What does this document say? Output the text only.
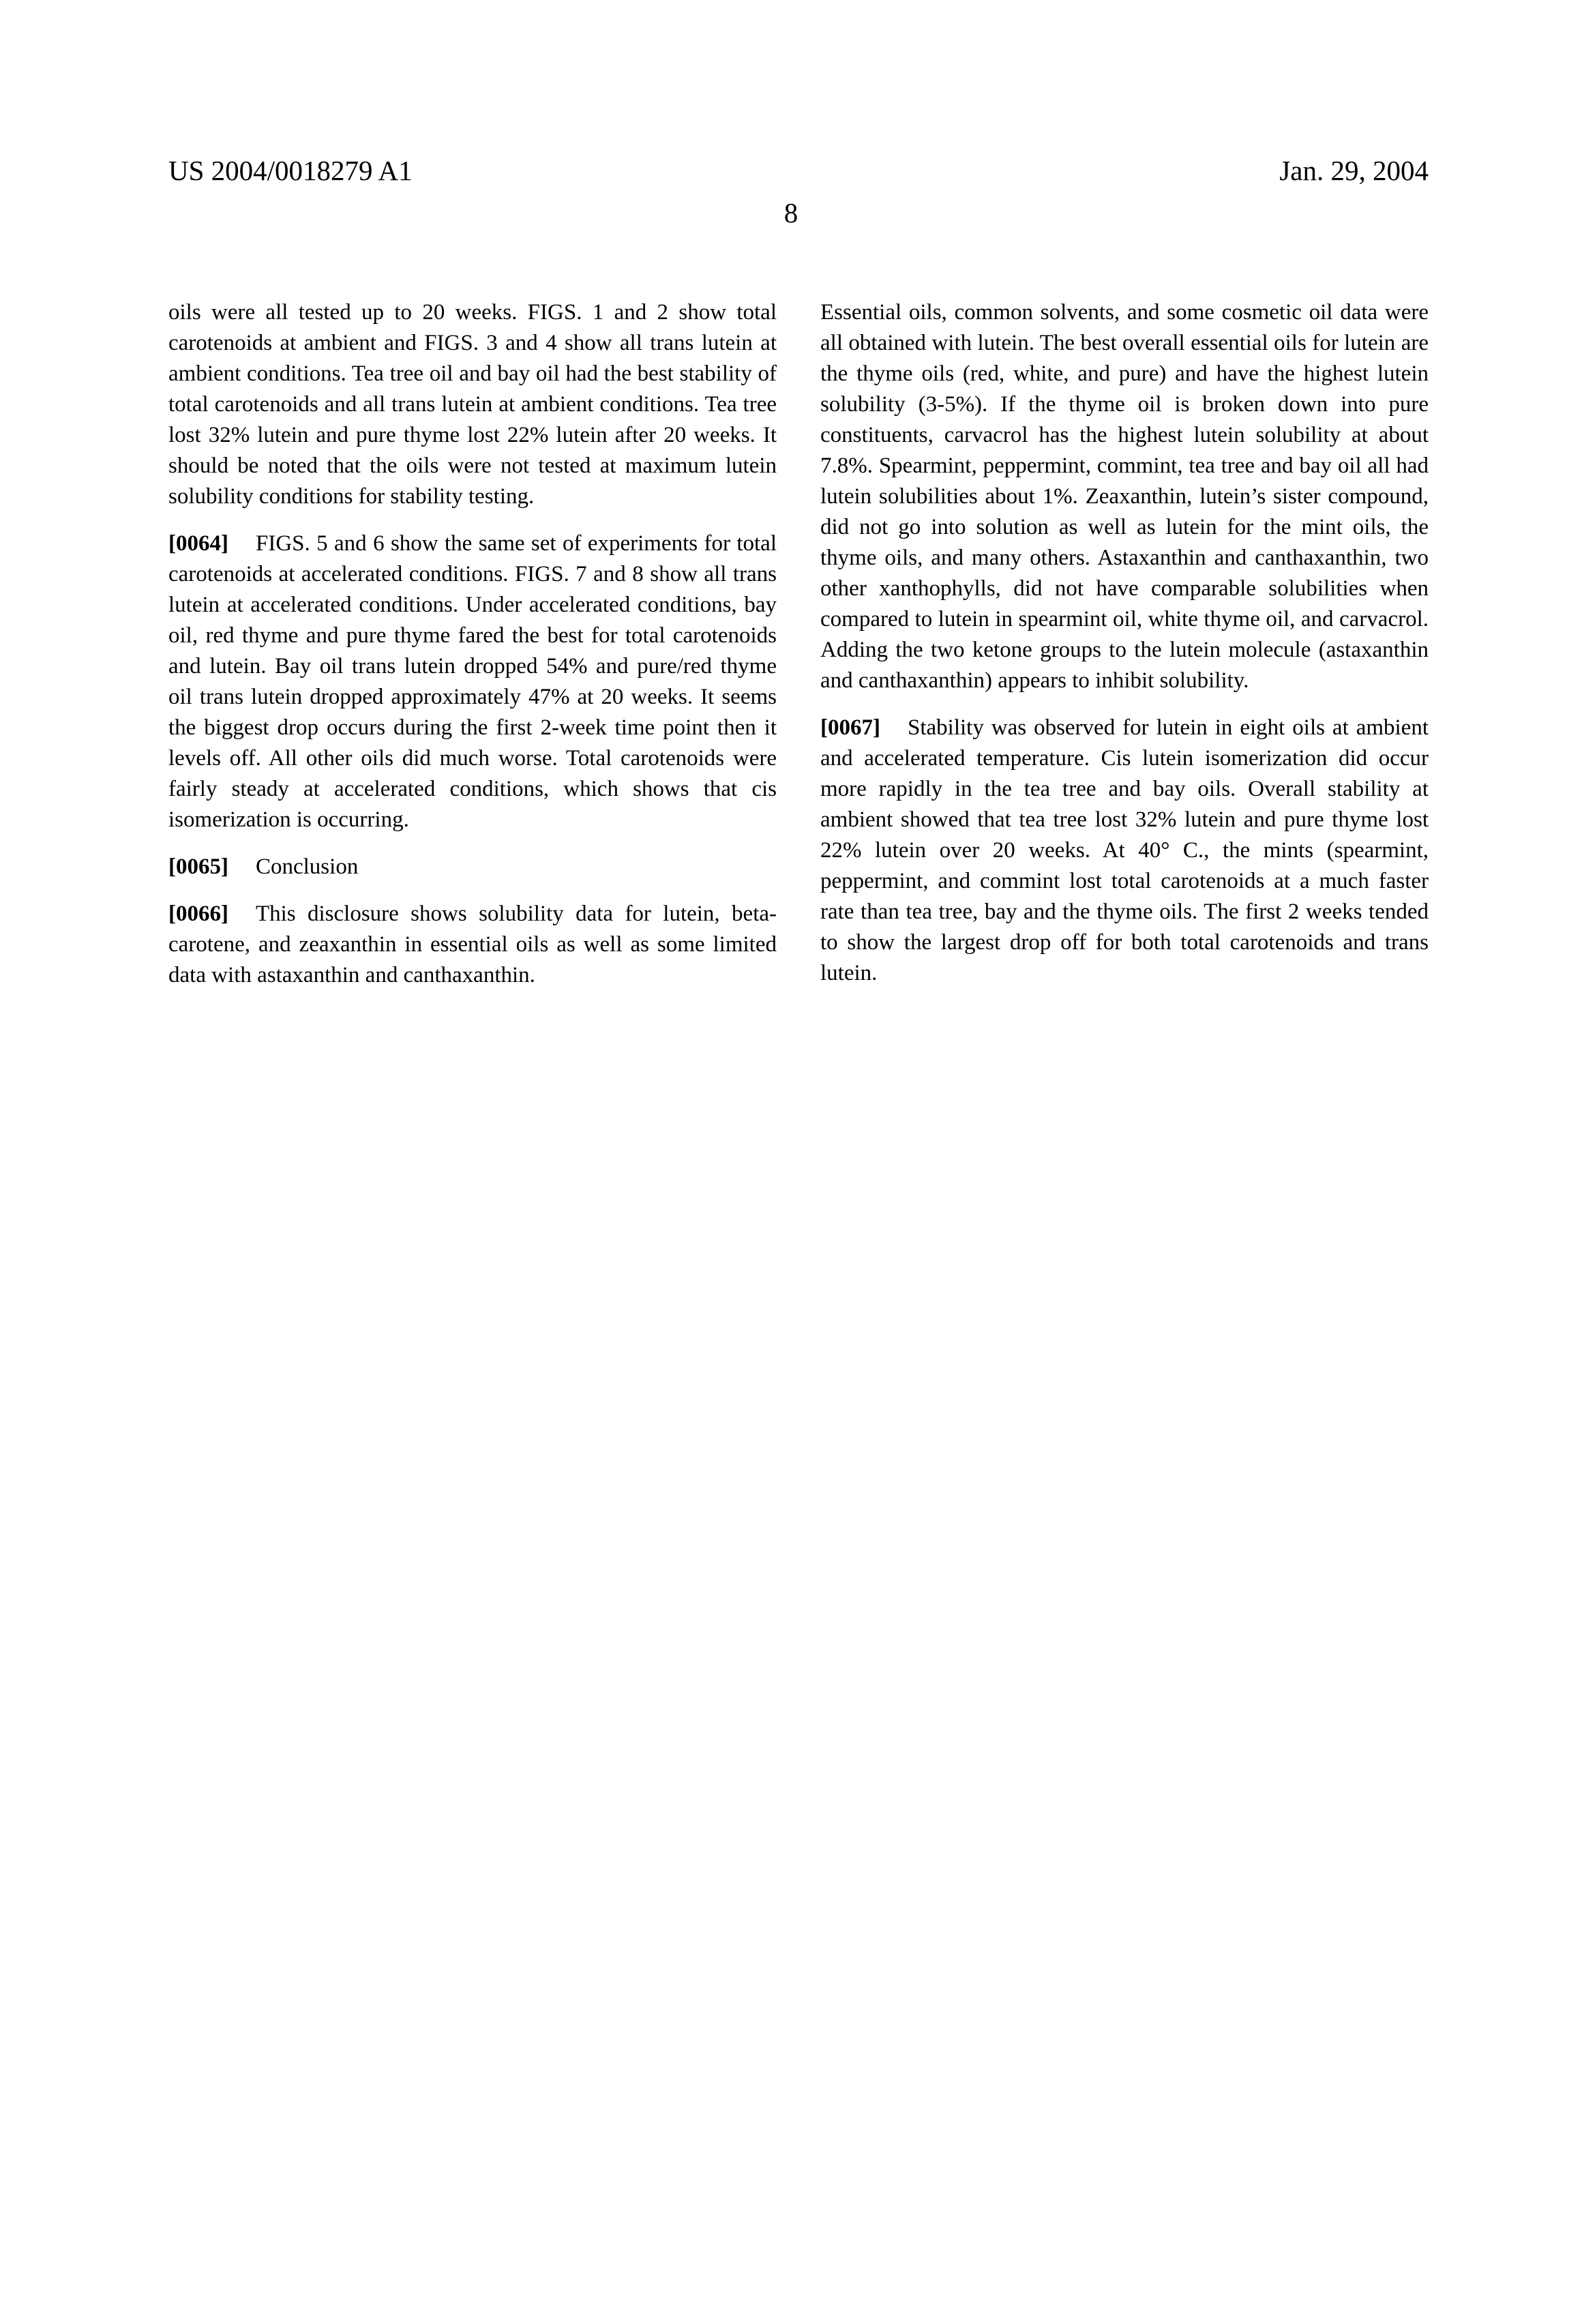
US 2004/0018279 A1	Jan. 29, 2004
8

oils were all tested up to 20 weeks. FIGS. 1 and 2 show total carotenoids at ambient and FIGS. 3 and 4 show all trans lutein at ambient conditions. Tea tree oil and bay oil had the best stability of total carotenoids and all trans lutein at ambient conditions. Tea tree lost 32% lutein and pure thyme lost 22% lutein after 20 weeks. It should be noted that the oils were not tested at maximum lutein solubility conditions for stability testing.

[0064] FIGS. 5 and 6 show the same set of experiments for total carotenoids at accelerated conditions. FIGS. 7 and 8 show all trans lutein at accelerated conditions. Under accelerated conditions, bay oil, red thyme and pure thyme fared the best for total carotenoids and lutein. Bay oil trans lutein dropped 54% and pure/red thyme oil trans lutein dropped approximately 47% at 20 weeks. It seems the biggest drop occurs during the first 2-week time point then it levels off. All other oils did much worse. Total carotenoids were fairly steady at accelerated conditions, which shows that cis isomerization is occurring.

[0065] Conclusion

[0066] This disclosure shows solubility data for lutein, beta-carotene, and zeaxanthin in essential oils as well as some limited data with astaxanthin and canthaxanthin.

Essential oils, common solvents, and some cosmetic oil data were all obtained with lutein. The best overall essential oils for lutein are the thyme oils (red, white, and pure) and have the highest lutein solubility (3-5%). If the thyme oil is broken down into pure constituents, carvacrol has the highest lutein solubility at about 7.8%. Spearmint, peppermint, commint, tea tree and bay oil all had lutein solubilities about 1%. Zeaxanthin, lutein’s sister compound, did not go into solution as well as lutein for the mint oils, the thyme oils, and many others. Astaxanthin and canthaxanthin, two other xanthophylls, did not have comparable solubilities when compared to lutein in spearmint oil, white thyme oil, and carvacrol. Adding the two ketone groups to the lutein molecule (astaxanthin and canthaxanthin) appears to inhibit solubility.

[0067] Stability was observed for lutein in eight oils at ambient and accelerated temperature. Cis lutein isomerization did occur more rapidly in the tea tree and bay oils. Overall stability at ambient showed that tea tree lost 32% lutein and pure thyme lost 22% lutein over 20 weeks. At 40° C., the mints (spearmint, peppermint, and commint lost total carotenoids at a much faster rate than tea tree, bay and the thyme oils. The first 2 weeks tended to show the largest drop off for both total carotenoids and trans lutein.
